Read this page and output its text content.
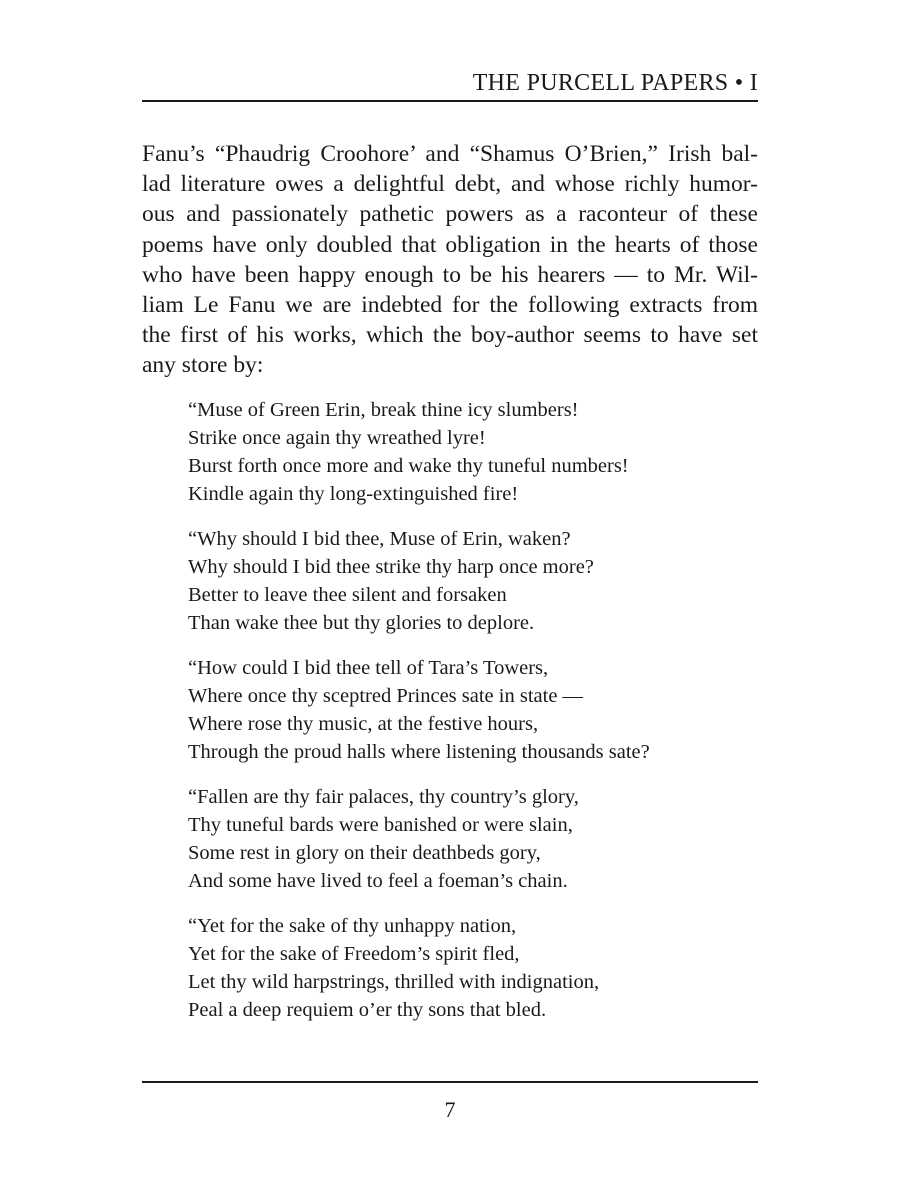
THE PURCELL PAPERS • I

Fanu’s “Phaudrig Croohore’ and “Shamus O’Brien,” Irish bal-
lad literature owes a delightful debt, and whose richly humor-
ous and passionately pathetic powers as a raconteur of these
poems have only doubled that obligation in the hearts of those
who have been happy enough to be his hearers — to Mr. Wil-
liam Le Fanu we are indebted for the following extracts from
the first of his works, which the boy-author seems to have set
any store by:

“Muse of Green Erin, break thine icy slumbers!
Strike once again thy wreathed lyre!
Burst forth once more and wake thy tuneful numbers!
Kindle again thy long-extinguished fire!
“Why should I bid thee, Muse of Erin, waken?
Why should I bid thee strike thy harp once more?
Better to leave thee silent and forsaken
Than wake thee but thy glories to deplore.
“How could I bid thee tell of Tara’s Towers,
Where once thy sceptred Princes sate in state —
Where rose thy music, at the festive hours,
Through the proud halls where listening thousands sate?
“Fallen are thy fair palaces, thy country’s glory,
Thy tuneful bards were banished or were slain,
Some rest in glory on their deathbeds gory,
And some have lived to feel a foeman’s chain.
“Yet for the sake of thy unhappy nation,
Yet for the sake of Freedom’s spirit fled,
Let thy wild harpstrings, thrilled with indignation,
Peal a deep requiem o’er thy sons that bled.
7
